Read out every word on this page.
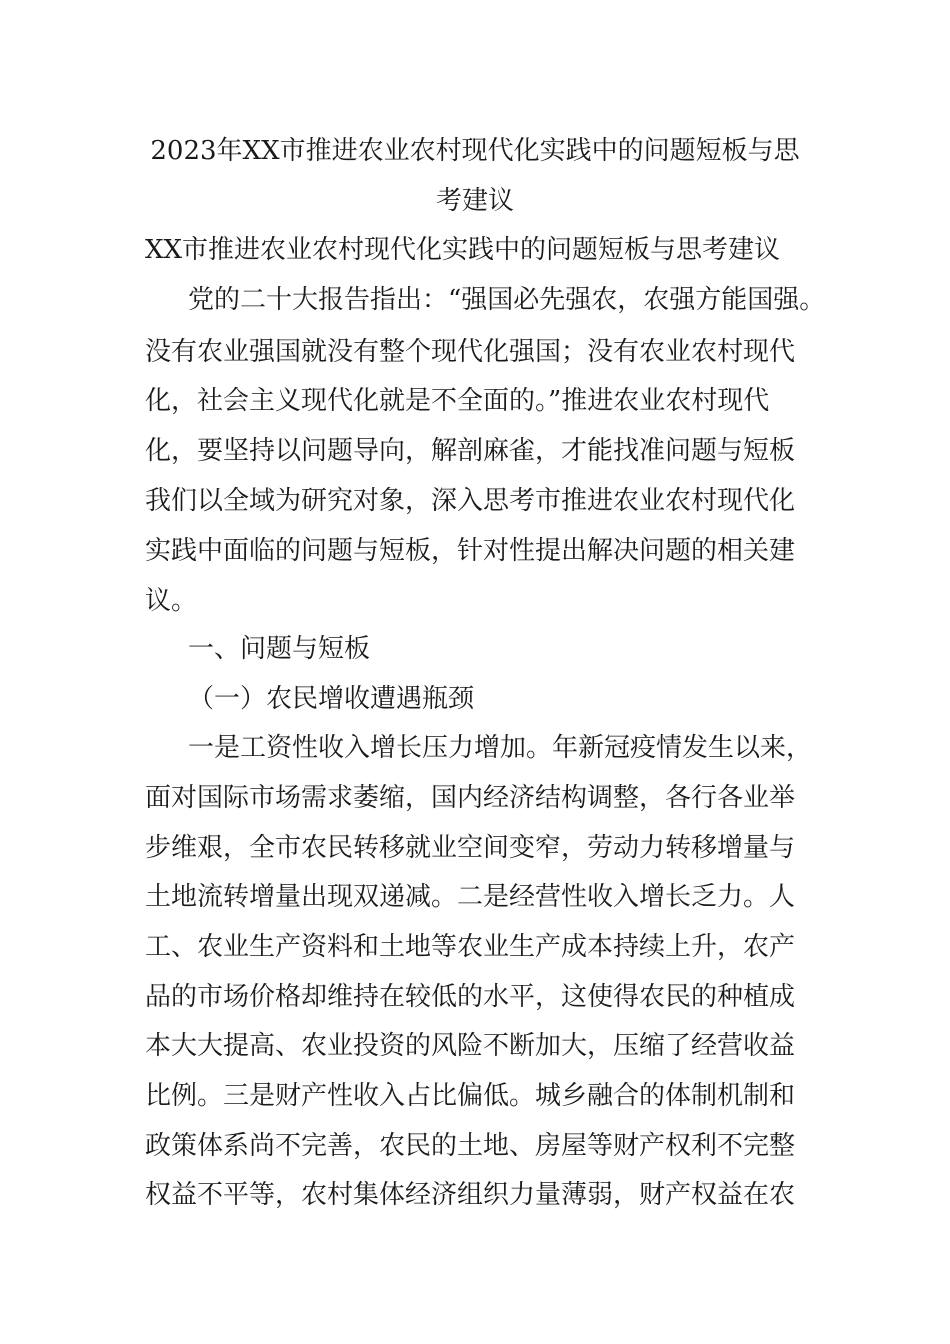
2023年XX市推进农业农村现代化实践中的问题短板与思
考建议

XX市推进农业农村现代化实践中的问题短板与思考建议

党的二十大报告指出：“强国必先强农，农强方能国强。

没有农业强国就没有整个现代化强国；没有农业农村现代

化，社会主义现代化就是不全面的。”推进农业农村现代

化，要坚持以问题导向，解剖麻雀，才能找准问题与短板

我们以全域为研究对象，深入思考市推进农业农村现代化

实践中面临的问题与短板，针对性提出解决问题的相关建

议。

一、问题与短板

（一）农民增收遭遇瓶颈

一是工资性收入增长压力增加。年新冠疫情发生以来，

面对国际市场需求萎缩，国内经济结构调整，各行各业举

步维艰，全市农民转移就业空间变窄，劳动力转移增量与

土地流转增量出现双递减。二是经营性收入增长乏力。人

工、农业生产资料和土地等农业生产成本持续上升，农产

品的市场价格却维持在较低的水平，这使得农民的种植成

本大大提高、农业投资的风险不断加大，压缩了经营收益

比例。三是财产性收入占比偏低。城乡融合的体制机制和

政策体系尚不完善，农民的土地、房屋等财产权利不完整

权益不平等，农村集体经济组织力量薄弱，财产权益在农
